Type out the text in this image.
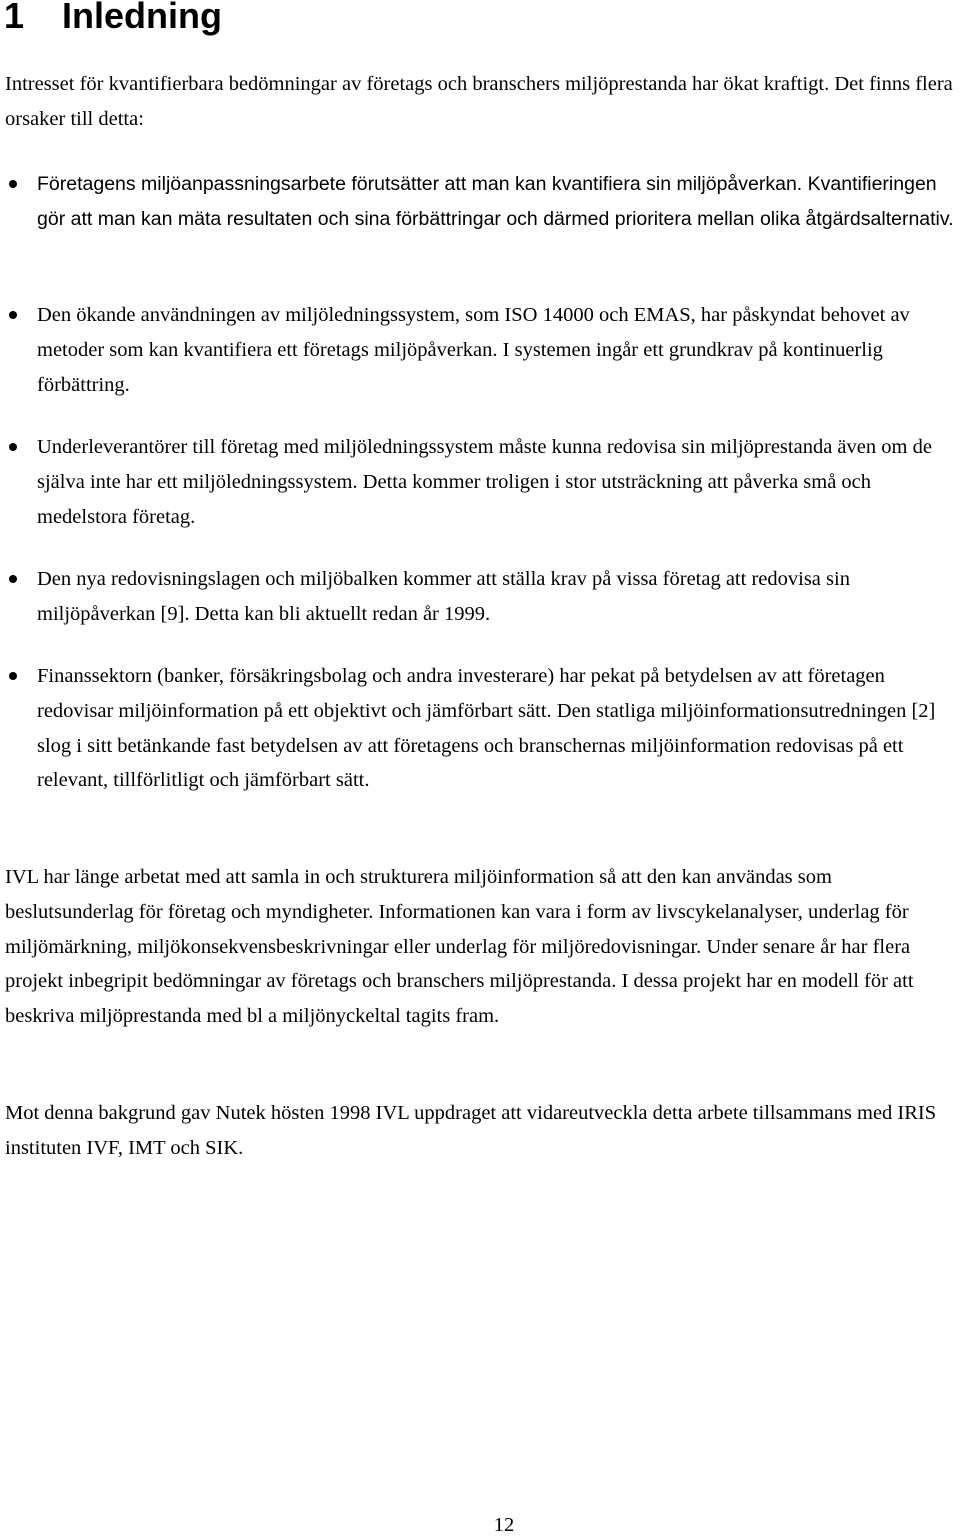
1 Inledning

Intresset för kvantifierbara bedömningar av företags och branschers miljöprestanda har ökat kraftigt. Det finns flera orsaker till detta:

Företagens miljöanpassningsarbete förutsätter att man kan kvantifiera sin miljöpåverkan. Kvantifieringen gör att man kan mäta resultaten och sina förbättringar och därmed prioritera mellan olika åtgärdsalternativ.
Den ökande användningen av miljöledningssystem, som ISO 14000 och EMAS, har påskyndat behovet av metoder som kan kvantifiera ett företags miljöpåverkan. I systemen ingår ett grundkrav på kontinuerlig förbättring.
Underleverantörer till företag med miljöledningssystem måste kunna redovisa sin miljöprestanda även om de själva inte har ett miljöledningssystem. Detta kommer troligen i stor utsträckning att påverka små och medelstora företag.
Den nya redovisningslagen och miljöbalken kommer att ställa krav på vissa företag att redovisa sin miljöpåverkan [9]. Detta kan bli aktuellt redan år 1999.
Finanssektorn (banker, försäkringsbolag och andra investerare) har pekat på betydelsen av att företagen redovisar miljöinformation på ett objektivt och jämförbart sätt. Den statliga miljöinformationsutredningen [2] slog i sitt betänkande fast betydelsen av att företagens och branschernas miljöinformation redovisas på ett relevant, tillförlitligt och jämförbart sätt.

IVL har länge arbetat med att samla in och strukturera miljöinformation så att den kan användas som beslutsunderlag för företag och myndigheter. Informationen kan vara i form av livscykelanalyser, underlag för miljömärkning, miljökonsekvensbeskrivningar eller underlag för miljöredovisningar. Under senare år har flera projekt inbegripit bedömningar av företags och branschers miljöprestanda. I dessa projekt har en modell för att beskriva miljöprestanda med bl a miljönyckeltal tagits fram.

Mot denna bakgrund gav Nutek hösten 1998 IVL uppdraget att vidareutveckla detta arbete tillsammans med IRIS instituten IVF, IMT och SIK.

12
